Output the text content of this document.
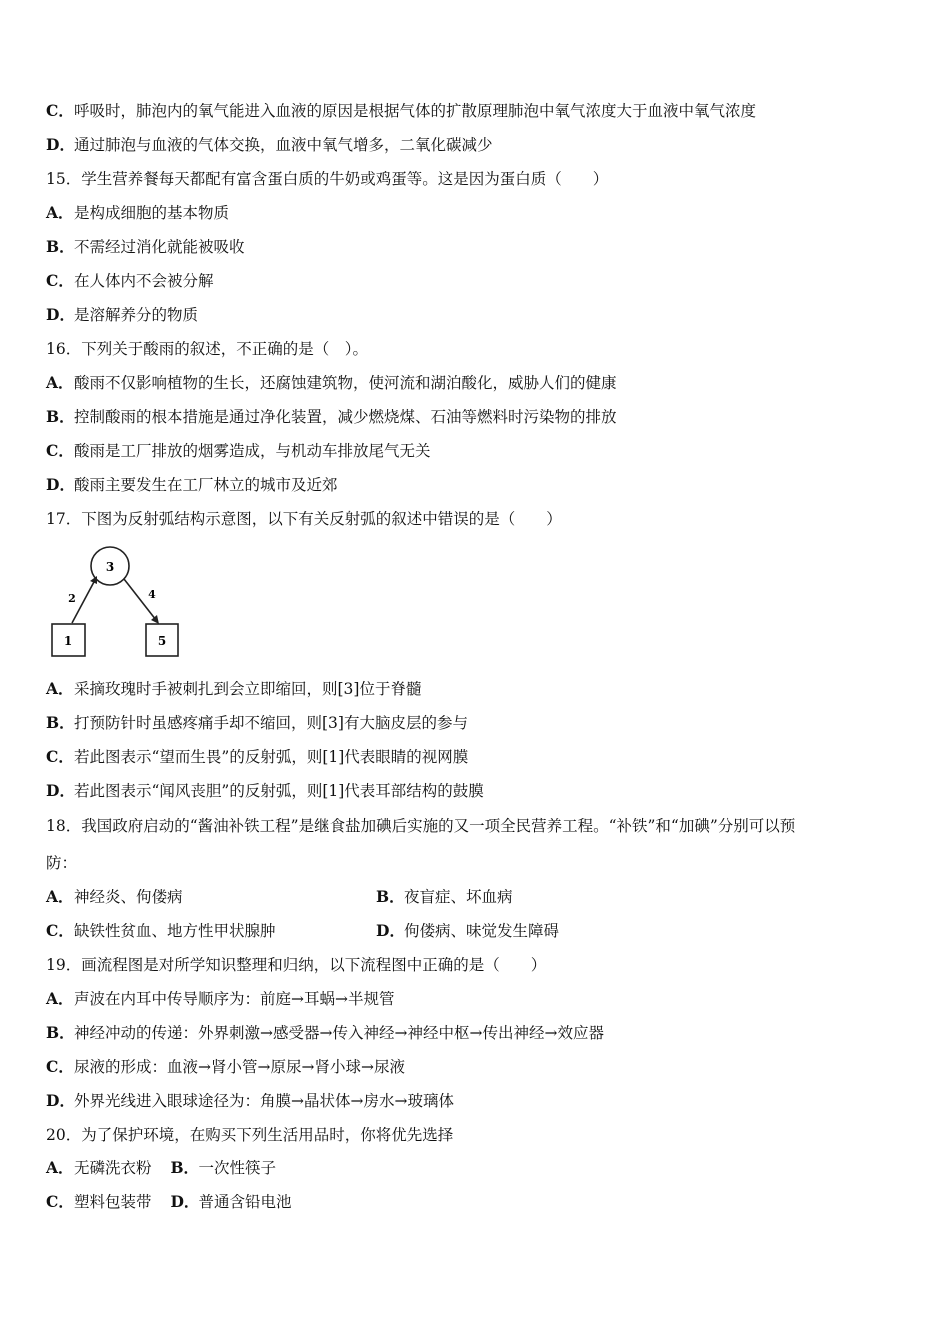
C．呼吸时，肺泡内的氧气能进入血液的原因是根据气体的扩散原理肺泡中氧气浓度大于血液中氧气浓度
D．通过肺泡与血液的气体交换，血液中氧气增多，二氧化碳减少
15．学生营养餐每天都配有富含蛋白质的牛奶或鸡蛋等。这是因为蛋白质（　　）
A．是构成细胞的基本物质
B．不需经过消化就能被吸收
C．在人体内不会被分解
D．是溶解养分的物质
16．下列关于酸雨的叙述，不正确的是（　）。
A．酸雨不仅影响植物的生长，还腐蚀建筑物，使河流和湖泊酸化，威胁人们的健康
B．控制酸雨的根本措施是通过净化装置，减少燃烧煤、石油等燃料时污染物的排放
C．酸雨是工厂排放的烟雾造成，与机动车排放尾气无关
D．酸雨主要发生在工厂林立的城市及近郊
17．下图为反射弧结构示意图，以下有关反射弧的叙述中错误的是（　　）
3
1	5
2	4
A．采摘玫瑰时手被刺扎到会立即缩回，则[3]位于脊髓
B．打预防针时虽感疼痛手却不缩回，则[3]有大脑皮层的参与
C．若此图表示“望而生畏”的反射弧，则[1]代表眼睛的视网膜
D．若此图表示“闻风丧胆”的反射弧，则[1]代表耳部结构的鼓膜
18．我国政府启动的“酱油补铁工程”是继食盐加碘后实施的又一项全民营养工程。“补铁”和“加碘”分别可以预
防：
A．神经炎、佝偻病	B．夜盲症、坏血病
C．缺铁性贫血、地方性甲状腺肿	D．佝偻病、味觉发生障碍
19．画流程图是对所学知识整理和归纳，以下流程图中正确的是（　　）
A．声波在内耳中传导顺序为：前庭→耳蜗→半规管
B．神经冲动的传递：外界刺激→感受器→传入神经→神经中枢→传出神经→效应器
C．尿液的形成：血液→肾小管→原尿→肾小球→尿液
D．外界光线进入眼球途径为：角膜→晶状体→房水→玻璃体
20．为了保护环境，在购买下列生活用品时，你将优先选择
A．无磷洗衣粉 B．一次性筷子
C．塑料包装带 D．普通含铅电池
